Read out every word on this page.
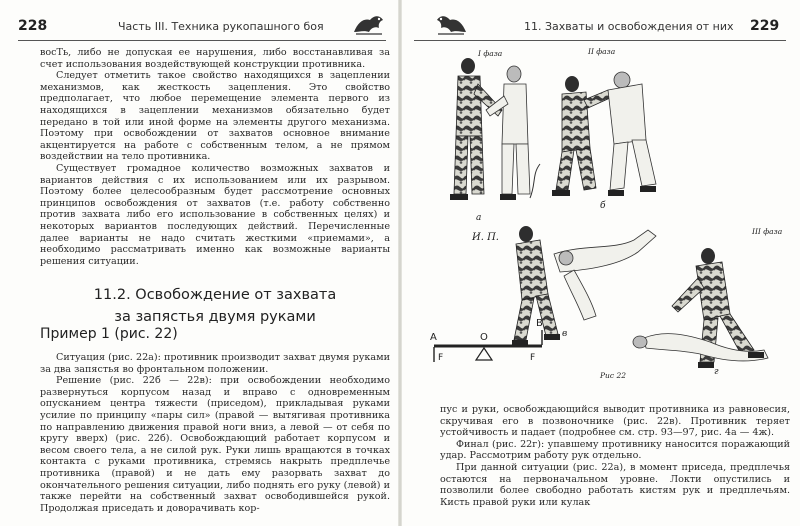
228	Часть III. Техника рукопашного боя

восТь, либо не допуская ее нарушения, либо восстанавливая за счет использования воздействующей конструкции противника.

Следует отметить такое свойство находящихся в зацеплении механизмов, как жесткость зацепления. Это свойство предполагает, что любое перемещение элемента первого из находящихся в зацеплении механизмов обязательно будет передано в той или иной форме на элементы другого механизма. Поэтому при освобождении от захватов основное внимание акцентируется на работе с собственным телом, а не прямом воздействии на тело противника.

Существует громадное количество возможных захватов и вариантов действия с их использованием или их разрывом. Поэтому более целесообразным будет рассмотрение основных принципов освобождения от захватов (т.е. работу собственно против захвата либо его использование в собственных целях) и некоторых вариантов последующих действий. Перечисленные далее варианты не надо считать жесткими «приемами», а необходимо рассматривать именно как возможные варианты решения ситуации.

11.2. Освобождение от захвата
за запястья двумя руками
Пример 1 (рис. 22)

Ситуация (рис. 22а): противник производит захват двумя руками за два запястья во фронтальном положении.

Решение (рис. 22б — 22в): при освобождении необходимо развернуться корпусом назад и вправо с одновременным опусканием центра тяжести (приседом), прикладывая руками усилие по принципу «пары сил» (правой — вытягивая противника по направлению движения правой ноги вниз, а левой — от себя по кругу вверх) (рис. 22б). Освобождающий работает корпусом и весом своего тела, а не силой рук. Руки лишь вращаются в точках контакта с руками противника, стремясь накрыть предплечье противника (правой) и не дать ему разорвать захват до окончательного решения ситуации, либо поднять его руку (левой) и также перейти на собственный захват освободившейся рукой. Продолжая приседать и доворачивать кор-

11. Захваты и освобождения от них 229
A	O
B
F	F
I фаза	II фаза
III фаза
б
а
И. П.
в
г
Рис 22

пус и руки, освобождающийся выводит противника из равновесия, скручивая его в позвоночнике (рис. 22в). Противник теряет устойчивость и падает (подробнее см. стр. 93—97, рис. 4а — 4ж).

Финал (рис. 22г): упавшему противнику наносится поражающий удар. Рассмотрим работу рук отдельно.

При данной ситуации (рис. 22а), в момент приседа, предплечья остаются на первоначальном уровне. Локти опустились и позволили более свободно работать кистям рук и предплечьям. Кисть правой руки или кулак
